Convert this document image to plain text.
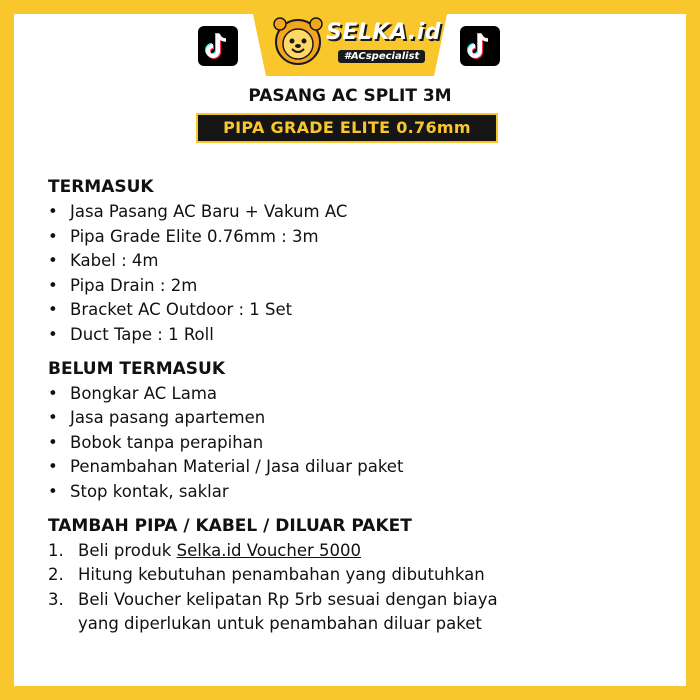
SELKA.id
#ACspecialist
PASANG AC SPLIT 3M
PIPA GRADE ELITE 0.76mm
TERMASUK
• Jasa Pasang AC Baru + Vakum AC
• Pipa Grade Elite 0.76mm : 3m
• Kabel : 4m
• Pipa Drain : 2m
• Bracket AC Outdoor : 1 Set
• Duct Tape : 1 Roll
BELUM TERMASUK
• Bongkar AC Lama
• Jasa pasang apartemen
• Bobok tanpa perapihan
• Penambahan Material / Jasa diluar paket
• Stop kontak, saklar
TAMBAH PIPA / KABEL / DILUAR PAKET
1. Beli produk Selka.id Voucher 5000
2. Hitung kebutuhan penambahan yang dibutuhkan
3. Beli Voucher kelipatan Rp 5rb sesuai dengan biaya
yang diperlukan untuk penambahan diluar paket
